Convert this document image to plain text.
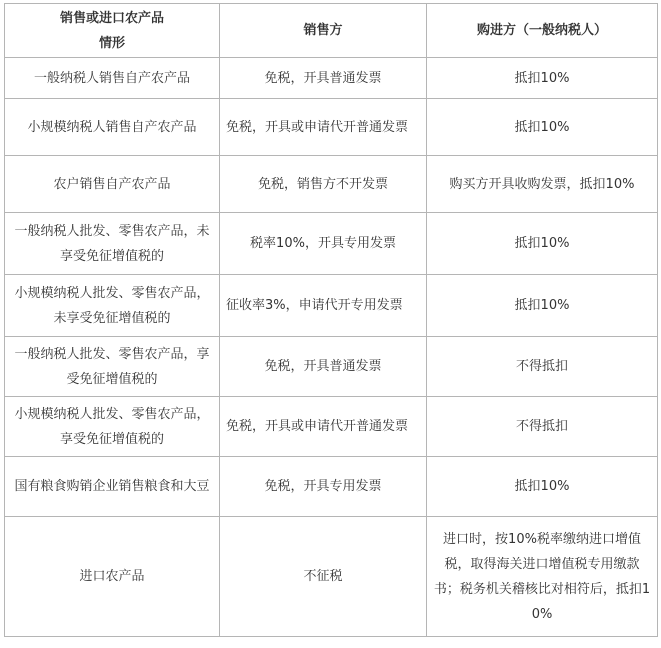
销售或进口农产品
情形	销售方	购进方（一般纳税人）
一般纳税人销售自产农产品	免税，开具普通发票	抵扣10%
小规模纳税人销售自产农产品	免税，开具或申请代开普通发票	抵扣10%
农户销售自产农产品	免税，销售方不开发票	购买方开具收购发票，抵扣10%
一般纳税人批发、零售农产品，未享受免征增值税的	税率10%，开具专用发票	抵扣10%
小规模纳税人批发、零售农产品，未享受免征增值税的	征收率3%，申请代开专用发票	抵扣10%
一般纳税人批发、零售农产品，享受免征增值税的	免税，开具普通发票	不得抵扣
小规模纳税人批发、零售农产品，享受免征增值税的	免税，开具或申请代开普通发票	不得抵扣
国有粮食购销企业销售粮食和大豆	免税，开具专用发票	抵扣10%
进口农产品	不征税	进口时，按10%税率缴纳进口增值税，取得海关进口增值税专用缴款书；税务机关稽核比对相符后，抵扣10%
